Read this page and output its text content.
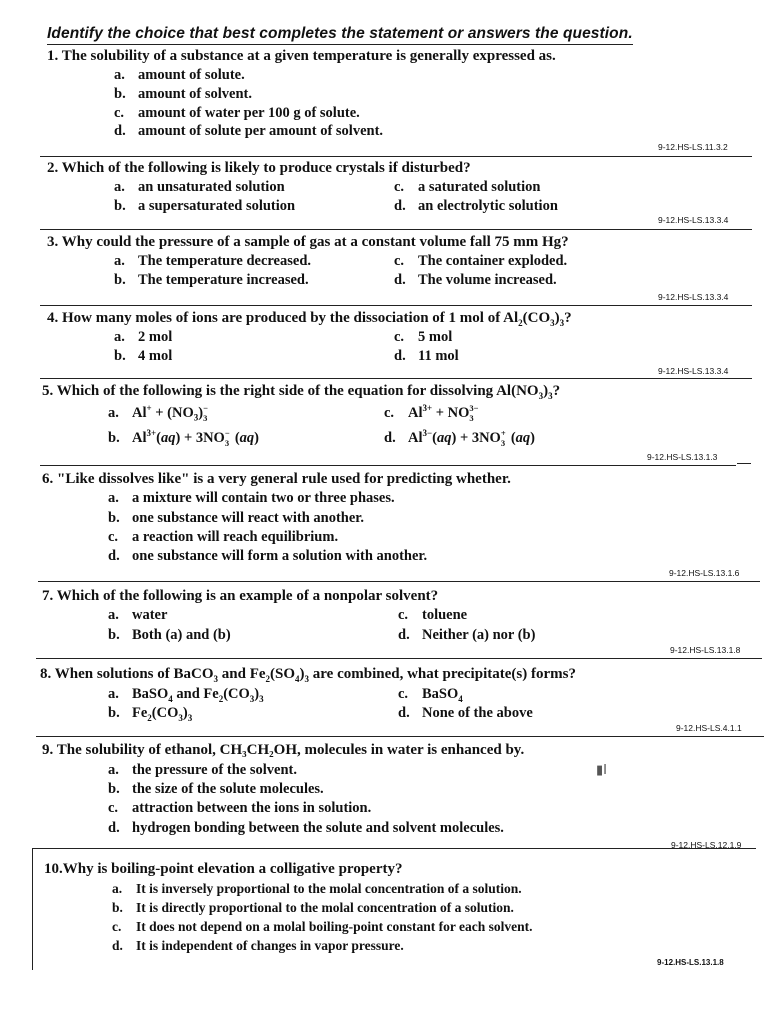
Identify the choice that best completes the statement or answers the question.
1. The solubility of a substance at a given temperature is generally expressed as.
a. amount of solute.
b. amount of solvent.
c. amount of water per 100 g of solute.
d. amount of solute per amount of solvent.
9-12.HS-LS.11.3.2
2. Which of the following is likely to produce crystals if disturbed?
a. an unsaturated solution
b. a supersaturated solution
c. a saturated solution
d. an electrolytic solution
9-12.HS-LS.13.3.4
3. Why could the pressure of a sample of gas at a constant volume fall 75 mm Hg?
a. The temperature decreased.
b. The temperature increased.
c. The container exploded.
d. The volume increased.
9-12.HS-LS.13.3.4
4. How many moles of ions are produced by the dissociation of 1 mol of $Al_2(CO_3)_3$?
a. 2 mol
b. 4 mol
c. 5 mol
d. 11 mol
9-12.HS-LS.13.3.4
5. Which of the following is the right side of the equation for dissolving $Al(NO_3)_3$?
a. $Al^+ + (NO_3)$ 3
−
b. $Al^{3+}(aq) + 3NO$ −
3 (aq)
c. $Al^{3+}$ + NO 3−
3
d. $Al^{3-}(aq) + 3NO$ +
3 (aq)
9-12.HS-LS.13.1.3
6. "Like dissolves like" is a very general rule used for predicting whether.
a. a mixture will contain two or three phases.
b. one substance will react with another.
c. a reaction will reach equilibrium.
d. one substance will form a solution with another.
9-12.HS-LS.13.1.6
7. Which of the following is an example of a nonpolar solvent?
a. water
b. Both (a) and (b)
c. toluene
d. Neither (a) nor (b)
9-12.HS-LS.13.1.8
8. When solutions of BaCO$_3$ and $Fe_2(SO_4)_3$ are combined, what precipitate(s) forms?
a. BaSO$_4$ and $Fe_2(CO_3)_3$
b. $Fe_2(CO_3)_3$
c. BaSO$_4$
d. None of the above
9-12.HS-LS.4.1.1
9. The solubility of ethanol, CH₃CH₂OH, molecules in water is enhanced by.
a. the pressure of the solvent.
b. the size of the solute molecules.
c. attraction between the ions in solution.
d. hydrogen bonding between the solute and solvent molecules.
9-12.HS-LS.12.1.9
▮Ⅰ
10.Why is boiling-point elevation a colligative property?
a. It is inversely proportional to the molal concentration of a solution.
b. It is directly proportional to the molal concentration of a solution.
c. It does not depend on a molal boiling-point constant for each solvent.
d. It is independent of changes in vapor pressure.
9-12.HS-LS.13.1.8
